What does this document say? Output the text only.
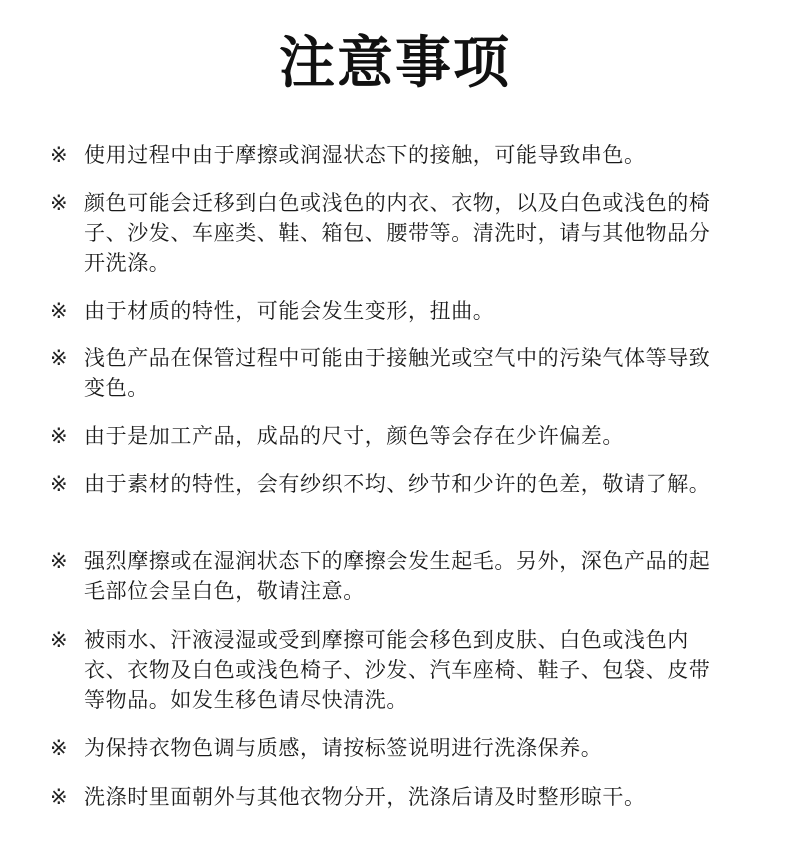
注意事项
※ 使用过程中由于摩擦或润湿状态下的接触，可能导致串色。
※ 颜色可能会迁移到白色或浅色的内衣、衣物，以及白色或浅色的椅子、沙发、车座类、鞋、箱包、腰带等。清洗时，请与其他物品分开洗涤。
※ 由于材质的特性，可能会发生变形，扭曲。
※ 浅色产品在保管过程中可能由于接触光或空气中的污染气体等导致变色。
※ 由于是加工产品，成品的尺寸，颜色等会存在少许偏差。
※ 由于素材的特性，会有纱织不均、纱节和少许的色差，敬请了解。
※ 强烈摩擦或在湿润状态下的摩擦会发生起毛。另外，深色产品的起毛部位会呈白色，敬请注意。
※ 被雨水、汗液浸湿或受到摩擦可能会移色到皮肤、白色或浅色内衣、衣物及白色或浅色椅子、沙发、汽车座椅、鞋子、包袋、皮带等物品。如发生移色请尽快清洗。
※ 为保持衣物色调与质感，请按标签说明进行洗涤保养。
※ 洗涤时里面朝外与其他衣物分开，洗涤后请及时整形晾干。
